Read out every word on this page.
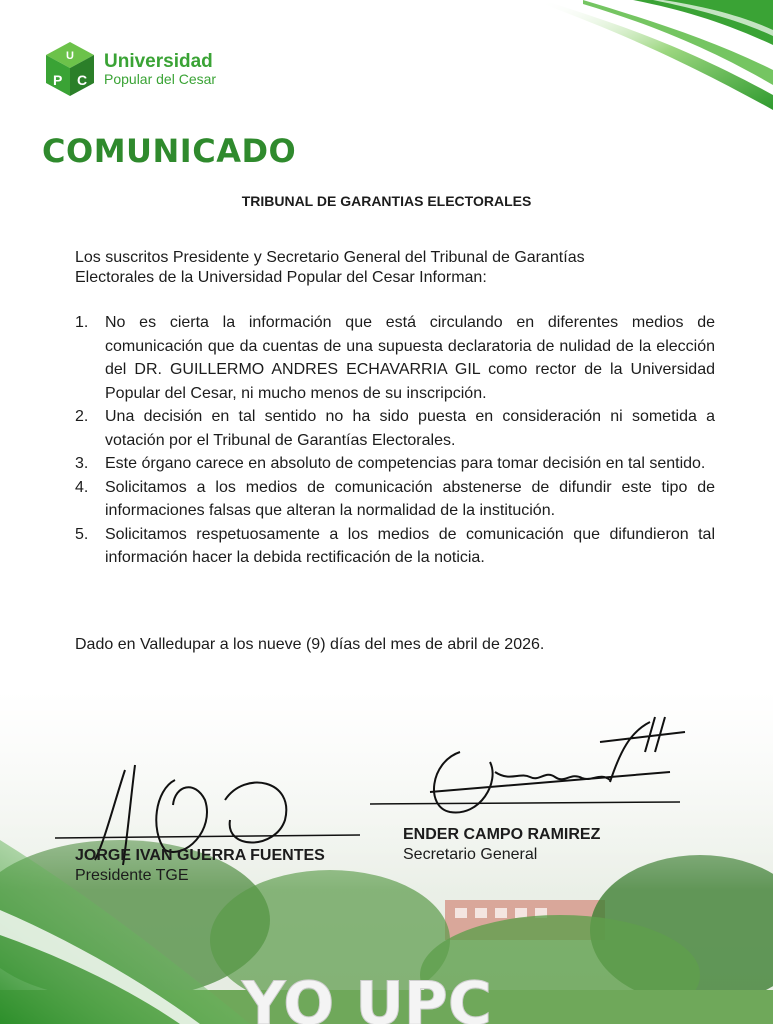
U
P C
Universidad
Popular del Cesar
COMUNICADO

TRIBUNAL DE GARANTIAS ELECTORALES

Los suscritos Presidente y Secretario General del Tribunal de Garantías Electorales de la Universidad Popular del Cesar Informan:

1.	No es cierta la información que está circulando en diferentes medios de comunicación que da cuentas de una supuesta declaratoria de nulidad de la elección del DR. GUILLERMO ANDRES ECHAVARRIA GIL como rector de la Universidad Popular del Cesar, ni mucho menos de su inscripción.
2.	Una decisión en tal sentido no ha sido puesta en consideración ni sometida a votación por el Tribunal de Garantías Electorales.
3.	Este órgano carece en absoluto de competencias para tomar decisión en tal sentido.
4.	Solicitamos a los medios de comunicación abstenerse de difundir este tipo de informaciones falsas que alteran la normalidad de la institución.
5.	Solicitamos respetuosamente a los medios de comunicación que difundieron tal información hacer la debida rectificación de la noticia.

Dado en Valledupar a los nueve (9) días del mes de abril de 2026.

YO UPC
JORGE IVAN GUERRA FUENTES
Presidente TGE
ENDER CAMPO RAMIREZ
Secretario General
